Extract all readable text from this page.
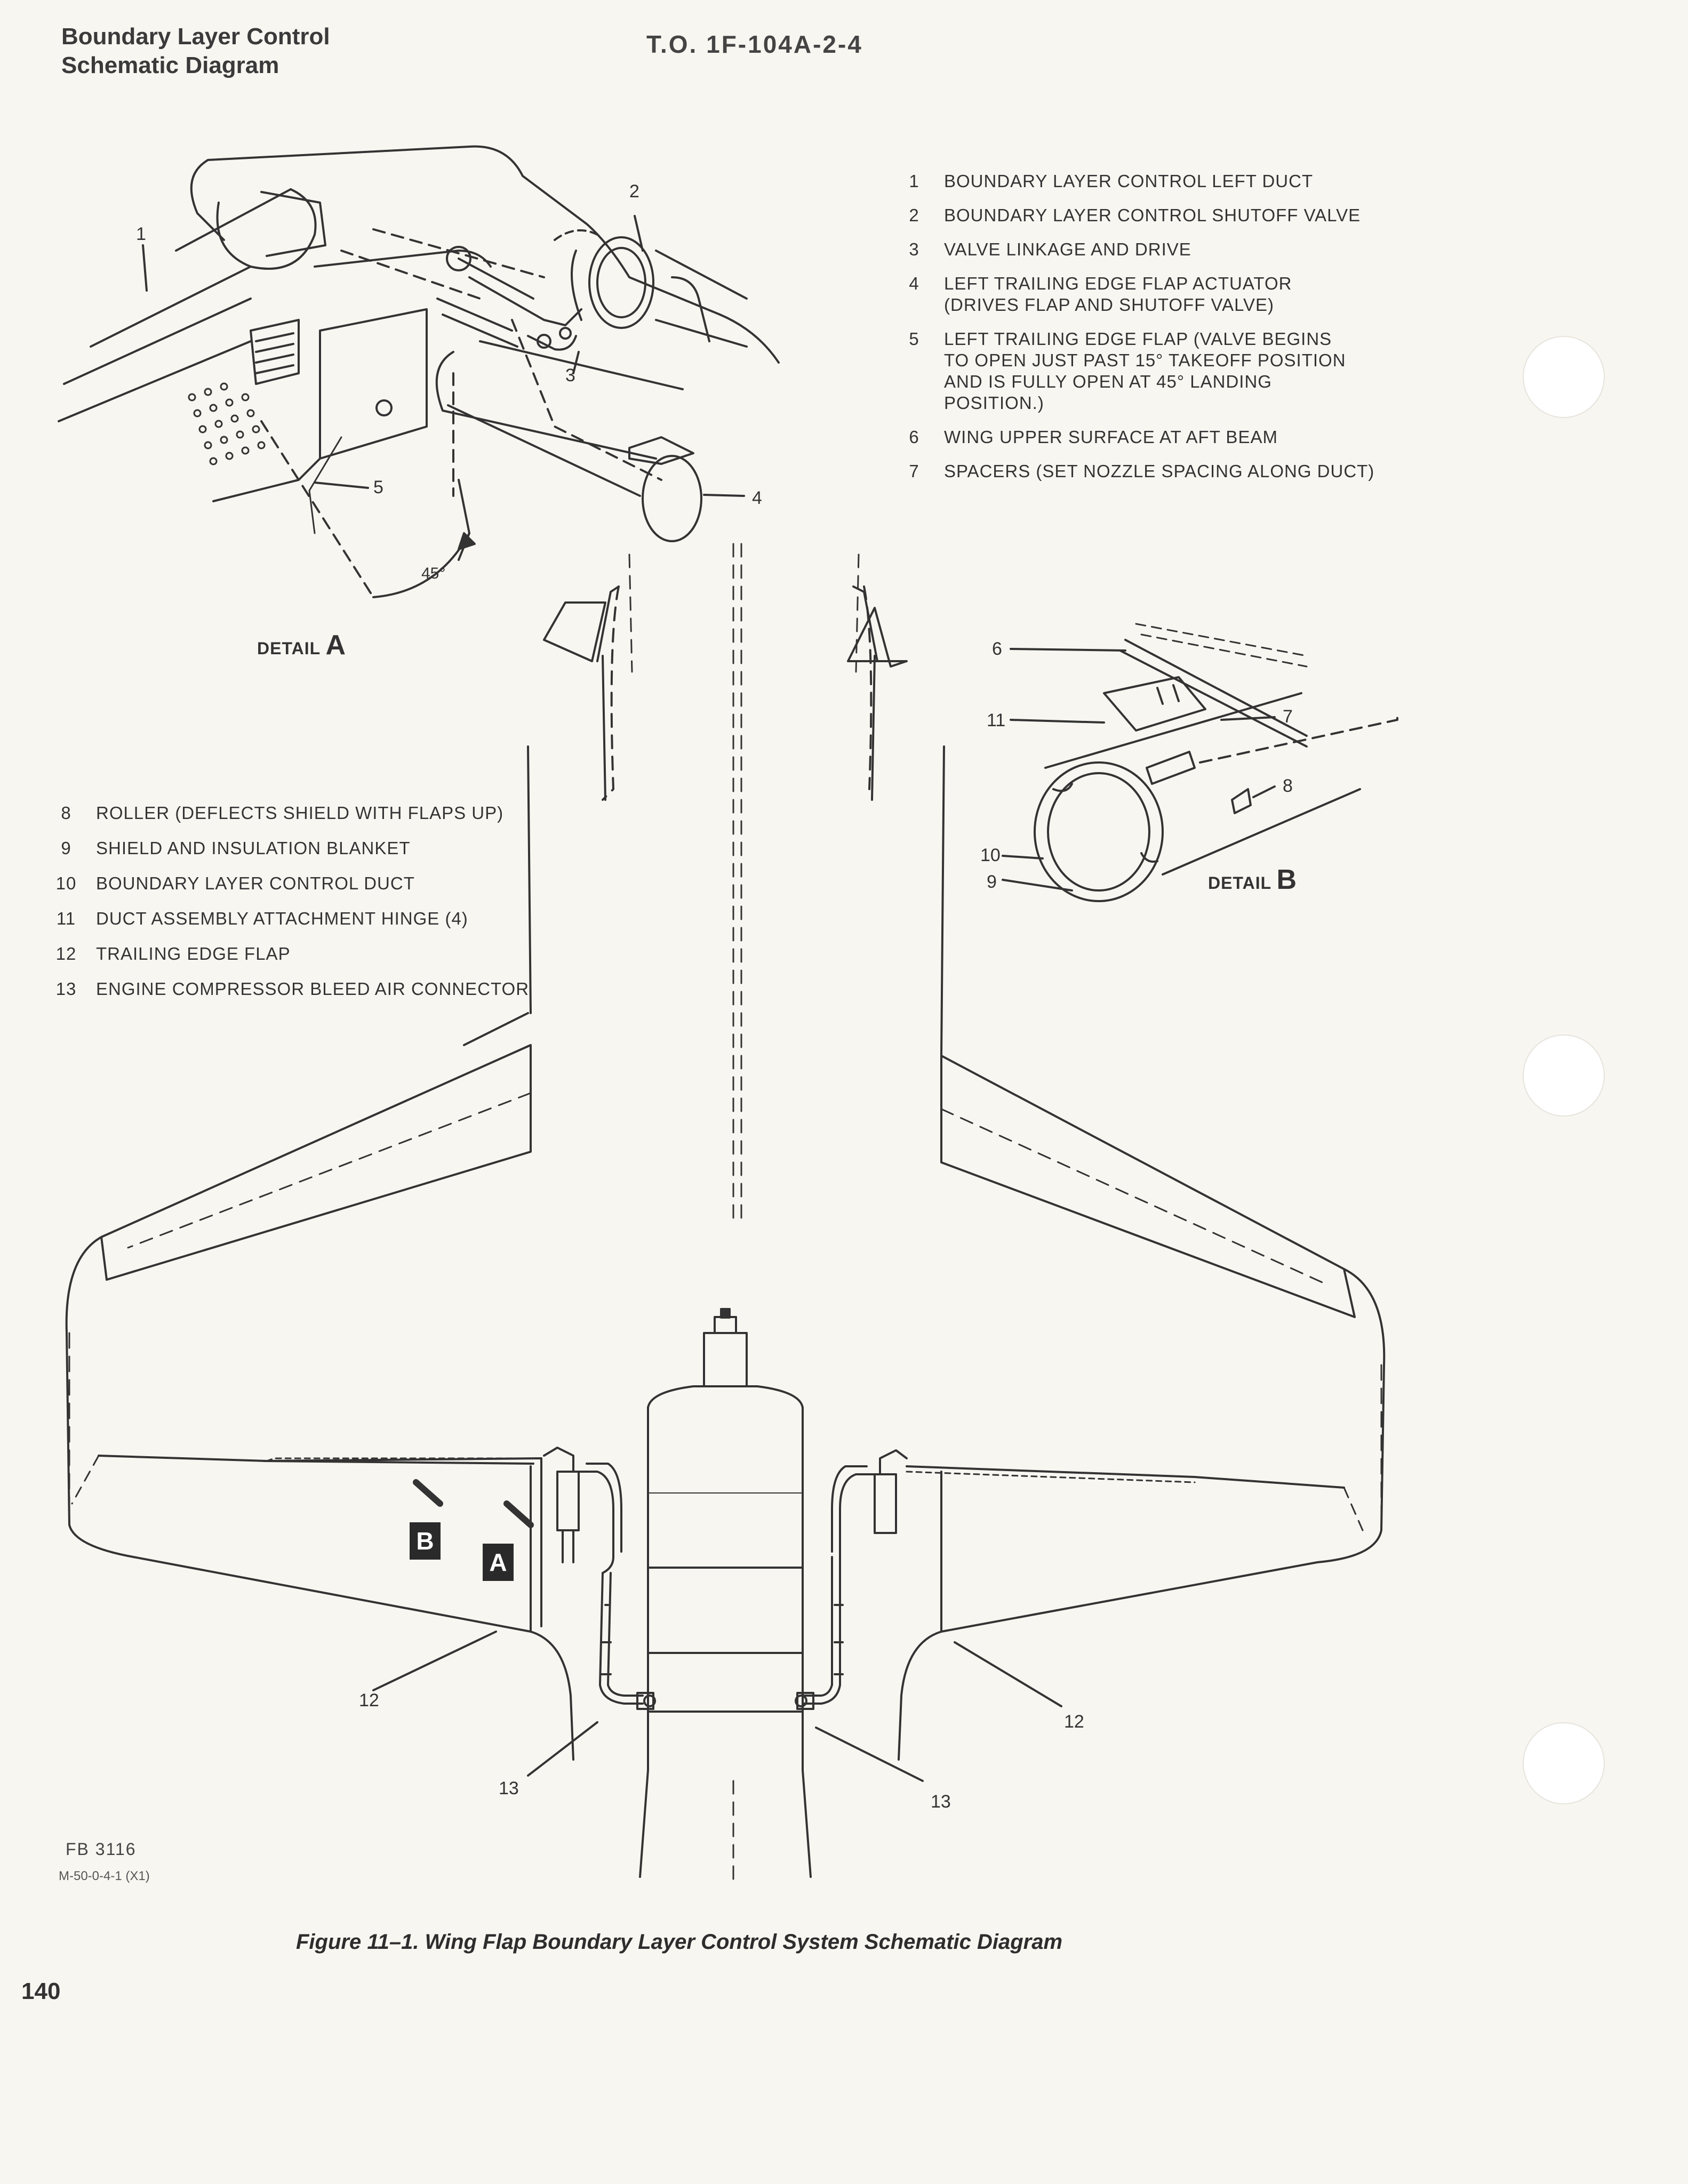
Boundary Layer Control
Schematic Diagram
T.O. 1F-104A-2-4
B
A
45°
1
2
3
4
5
6
7
8
9
10
11
12
12
13
13
DETAIL A
DETAIL B
1	BOUNDARY LAYER CONTROL LEFT DUCT
2	BOUNDARY LAYER CONTROL SHUTOFF VALVE
3	VALVE LINKAGE AND DRIVE
4	LEFT TRAILING EDGE FLAP ACTUATOR (DRIVES FLAP AND SHUTOFF VALVE)
5	LEFT TRAILING EDGE FLAP (VALVE BEGINS TO OPEN JUST PAST 15° TAKEOFF POSITION AND IS FULLY OPEN AT 45° LANDING POSITION.)
6	WING UPPER SURFACE AT AFT BEAM
7	SPACERS (SET NOZZLE SPACING ALONG DUCT)
8	ROLLER (DEFLECTS SHIELD WITH FLAPS UP)
9	SHIELD AND INSULATION BLANKET
10 BOUNDARY LAYER CONTROL DUCT
11 DUCT ASSEMBLY ATTACHMENT HINGE (4)
12 TRAILING EDGE FLAP
13 ENGINE COMPRESSOR BLEED AIR CONNECTOR
FB 3116
M-50-0-4-1 (X1)
Figure 11–1. Wing Flap Boundary Layer Control System Schematic Diagram
140
